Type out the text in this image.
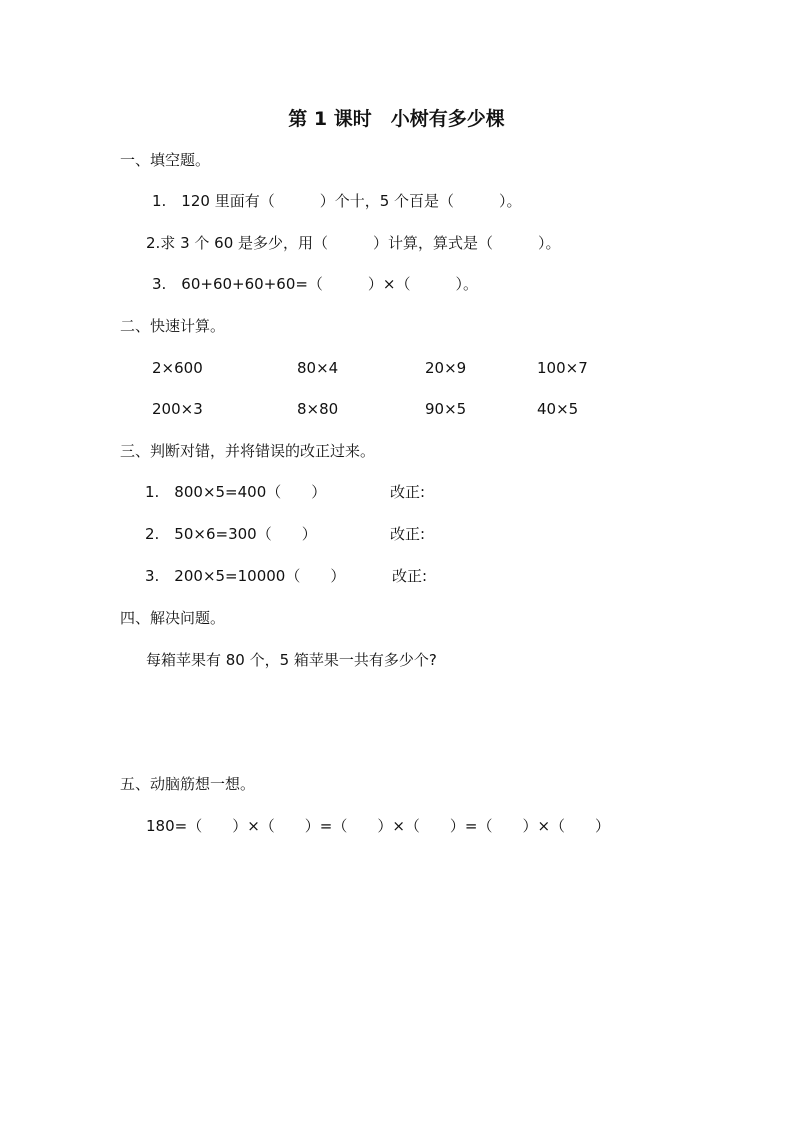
第 1 课时　小树有多少棵
一、填空题。
1.　120 里面有（　　　）个十，5 个百是（　　　）。
2.求 3 个 60 是多少，用（　　　）计算，算式是（　　　）。
3.　60+60+60+60=（　　　）×（　　　）。
二、快速计算。
2×600	80×4	20×9	100×7
200×3	8×80	90×5	40×5
三、判断对错，并将错误的改正过来。
1.　800×5=400（　　）	改正:
2.　50×6=300（　　）	改正:
3.　200×5=10000（　　）	改正:
四、解决问题。
每箱苹果有 80 个，5 箱苹果一共有多少个?
五、动脑筋想一想。
180=（　　）×（　　）=（　　）×（　　）=（　　）×（　　）
